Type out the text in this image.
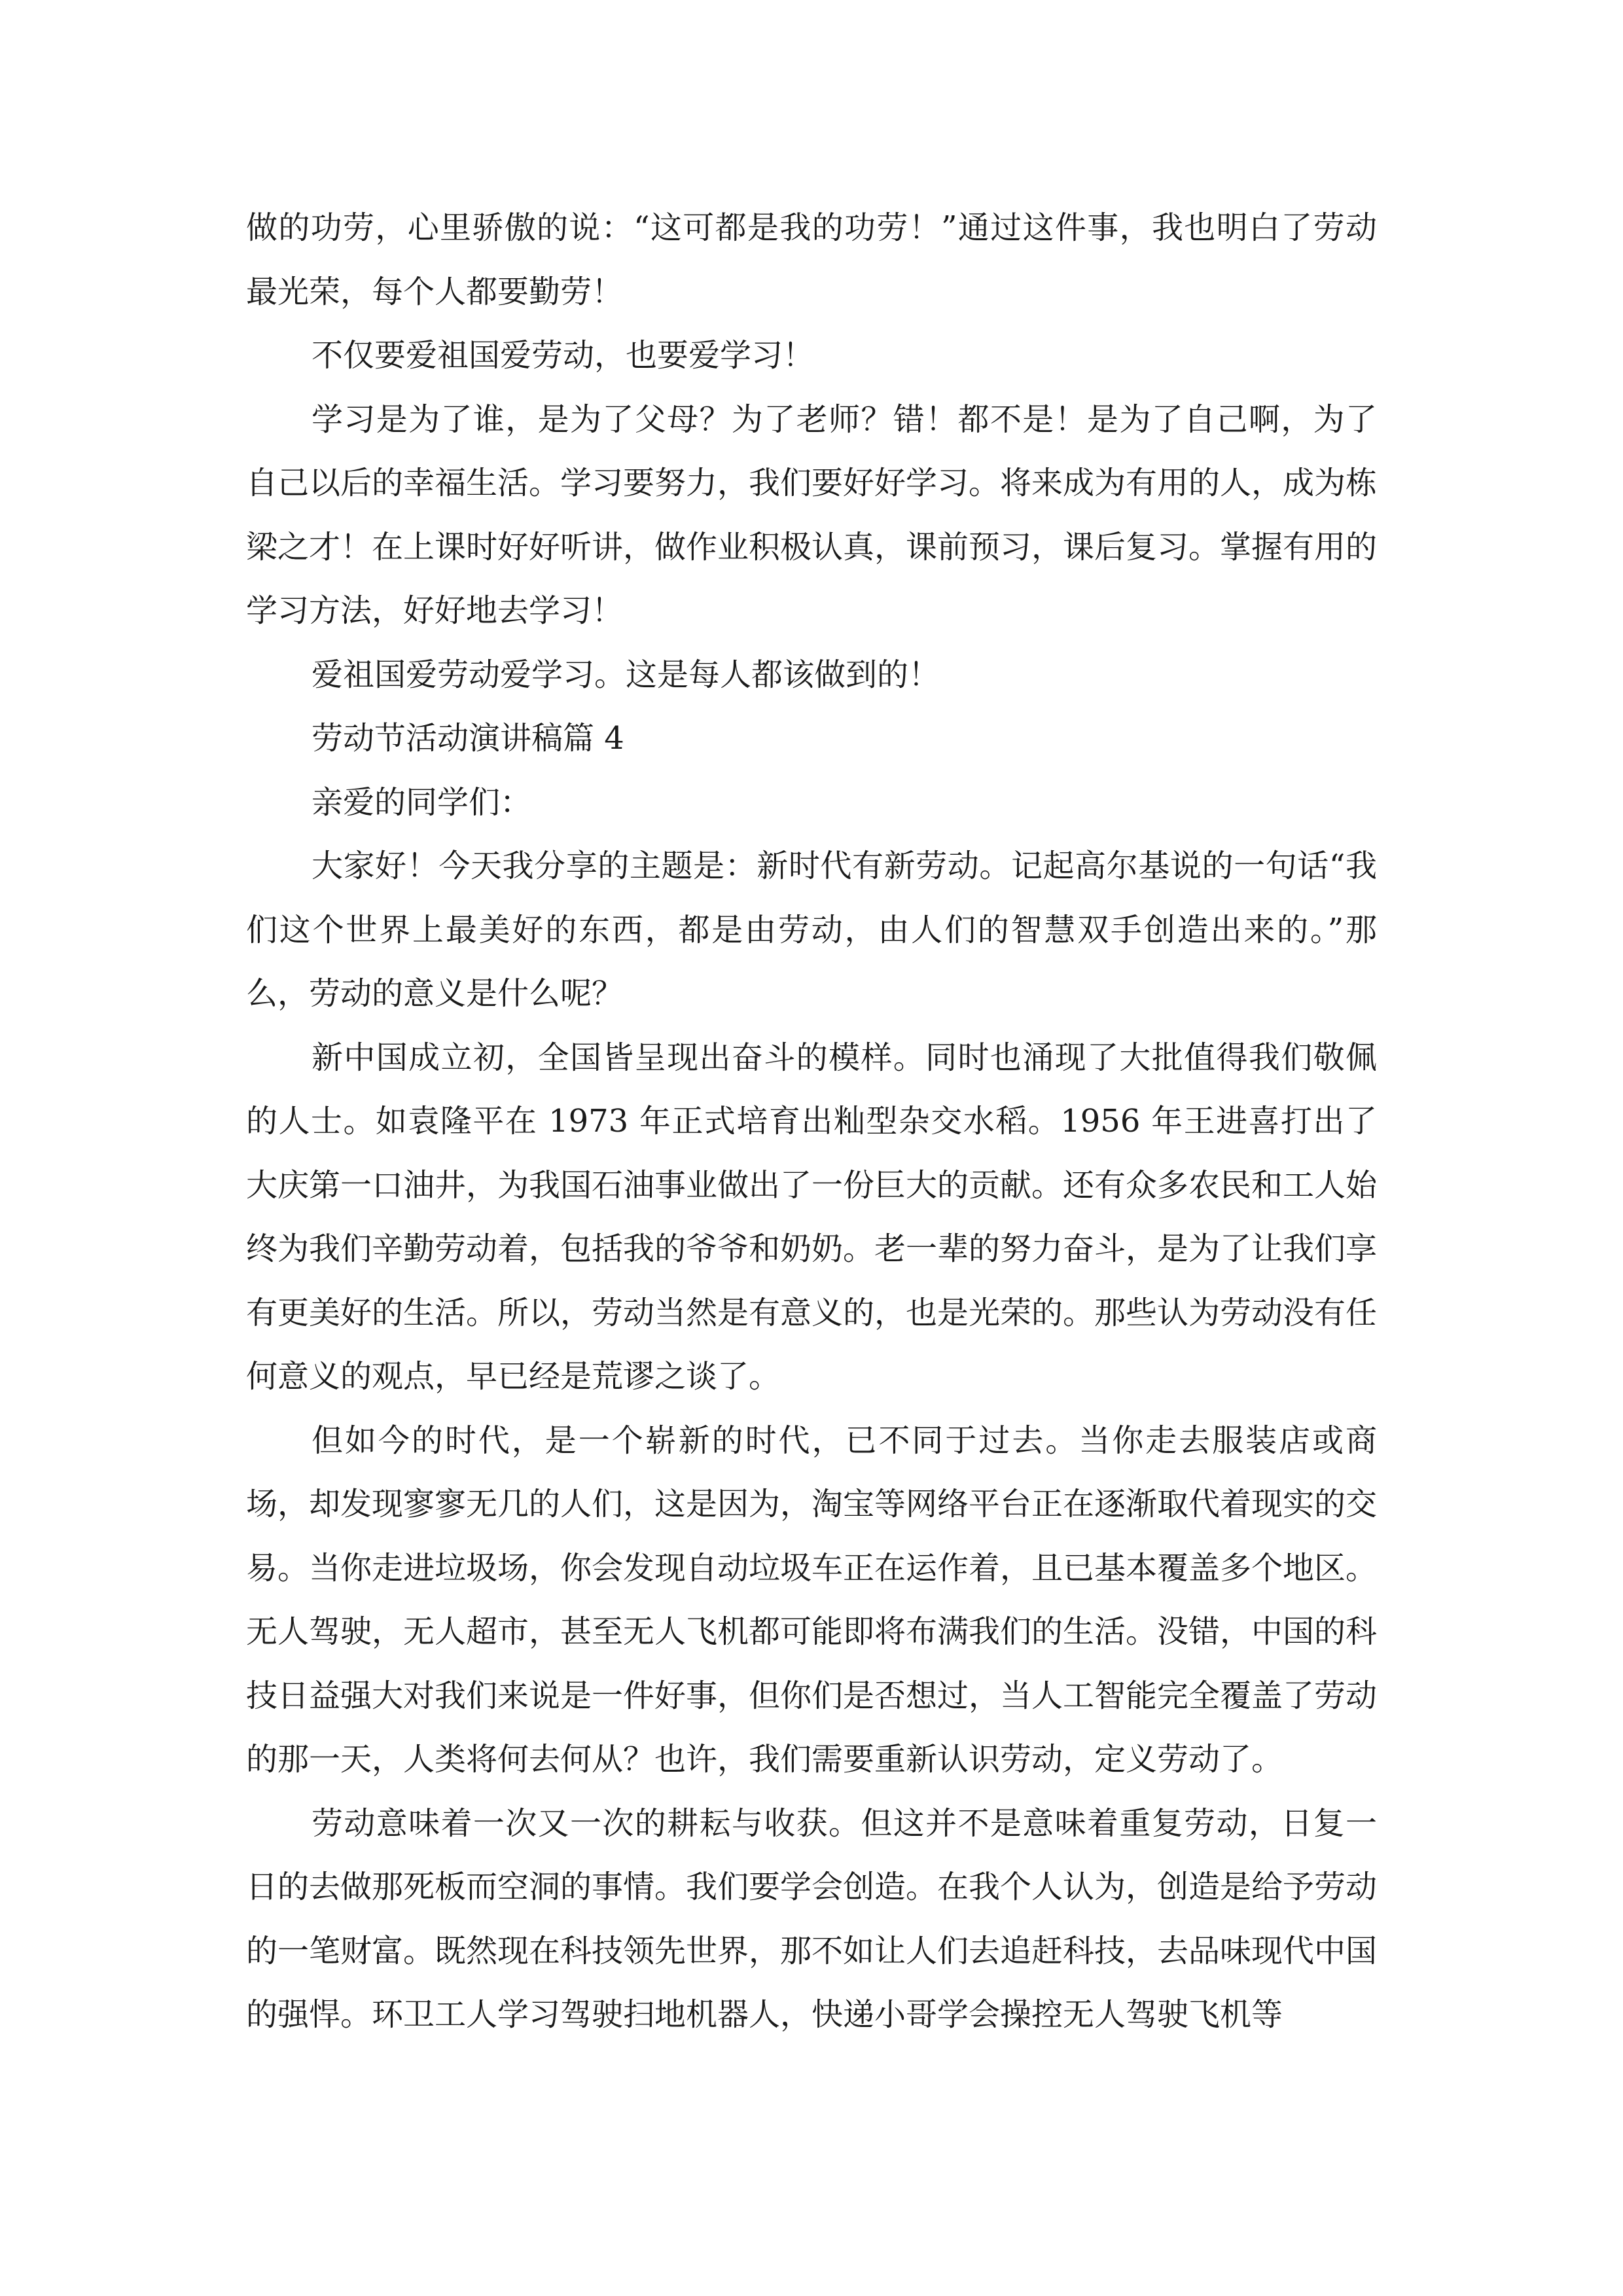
做的功劳，心里骄傲的说：“这可都是我的功劳！”通过这件事，我也明白了劳动最光荣，每个人都要勤劳！

不仅要爱祖国爱劳动，也要爱学习！

学习是为了谁，是为了父母？为了老师？错！都不是！是为了自己啊，为了自己以后的幸福生活。学习要努力，我们要好好学习。将来成为有用的人，成为栋梁之才！在上课时好好听讲，做作业积极认真，课前预习，课后复习。掌握有用的学习方法，好好地去学习！

爱祖国爱劳动爱学习。这是每人都该做到的！

劳动节活动演讲稿篇 4

亲爱的同学们：

大家好！今天我分享的主题是：新时代有新劳动。记起高尔基说的一句话“我们这个世界上最美好的东西，都是由劳动，由人们的智慧双手创造出来的。”那么，劳动的意义是什么呢？

新中国成立初，全国皆呈现出奋斗的模样。同时也涌现了大批值得我们敬佩的人士。如袁隆平在 1973 年正式培育出籼型杂交水稻。1956 年王进喜打出了大庆第一口油井，为我国石油事业做出了一份巨大的贡献。还有众多农民和工人始终为我们辛勤劳动着，包括我的爷爷和奶奶。老一辈的努力奋斗，是为了让我们享有更美好的生活。所以，劳动当然是有意义的，也是光荣的。那些认为劳动没有任何意义的观点，早已经是荒谬之谈了。

但如今的时代，是一个崭新的时代，已不同于过去。当你走去服装店或商场，却发现寥寥无几的人们，这是因为，淘宝等网络平台正在逐渐取代着现实的交易。当你走进垃圾场，你会发现自动垃圾车正在运作着，且已基本覆盖多个地区。无人驾驶，无人超市，甚至无人飞机都可能即将布满我们的生活。没错，中国的科技日益强大对我们来说是一件好事，但你们是否想过，当人工智能完全覆盖了劳动的那一天，人类将何去何从？也许，我们需要重新认识劳动，定义劳动了。

劳动意味着一次又一次的耕耘与收获。但这并不是意味着重复劳动，日复一日的去做那死板而空洞的事情。我们要学会创造。在我个人认为，创造是给予劳动的一笔财富。既然现在科技领先世界，那不如让人们去追赶科技，去品味现代中国的强悍。环卫工人学习驾驶扫地机器人，快递小哥学会操控无人驾驶飞机等
